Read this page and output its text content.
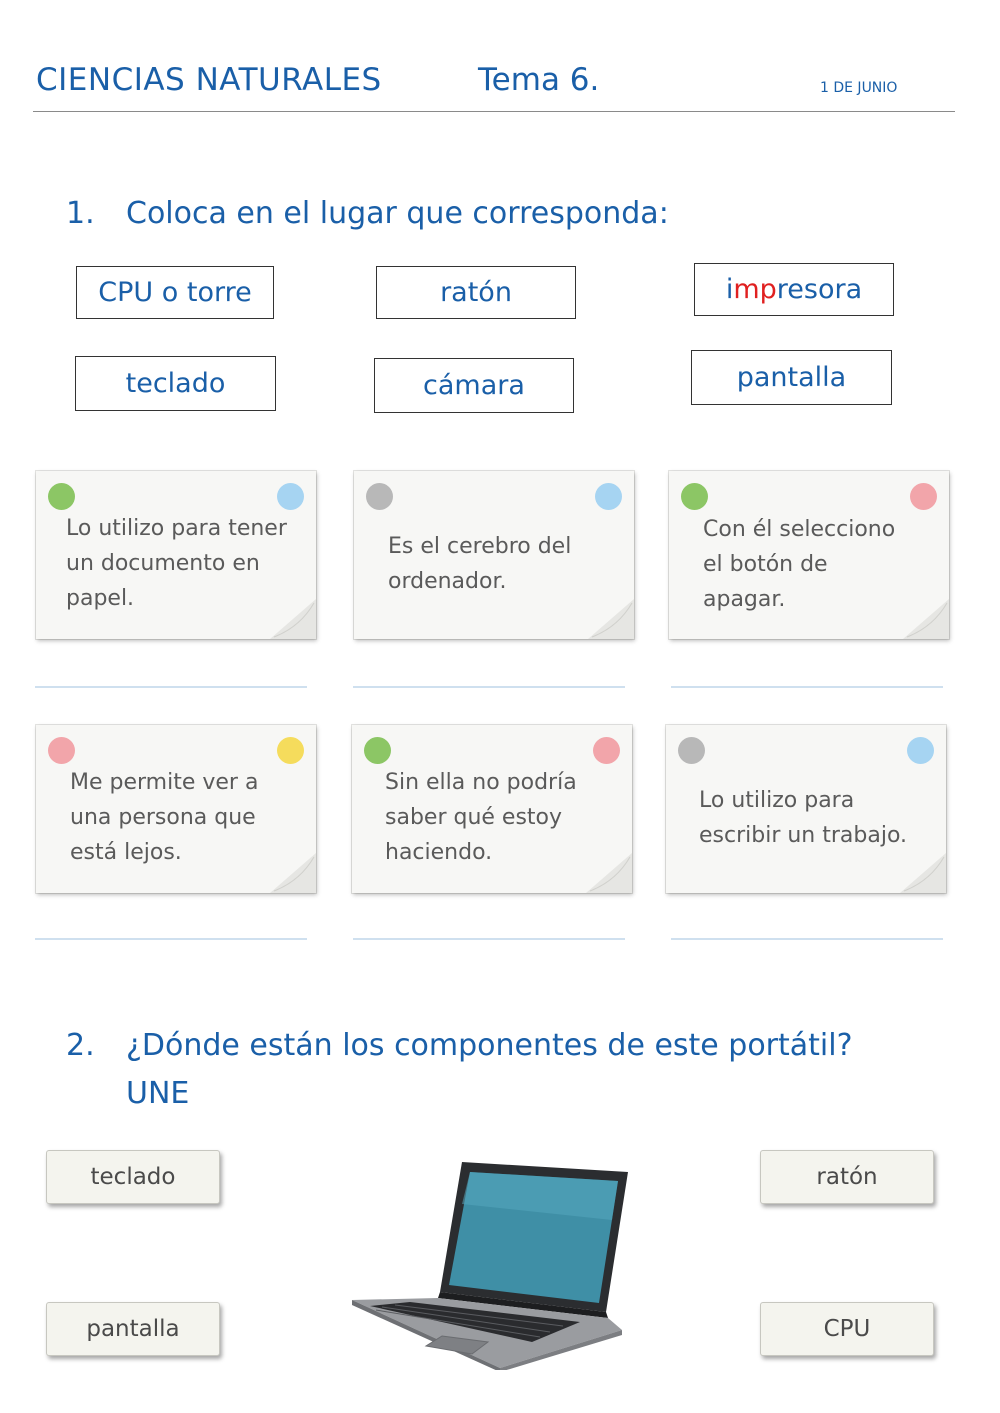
CIENCIAS NATURALES	Tema 6.	1 DE JUNIO
1. Coloca en el lugar que corresponda:
CPU o torre	ratón	impresora
teclado	cámara	pantalla
Lo utilizo para tener
un documento en
papel.
Es el cerebro del
ordenador.
Con él selecciono
el botón de
apagar.
Me permite ver a
una persona que
está lejos.
Sin ella no podría
saber qué estoy
haciendo.
Lo utilizo para
escribir un trabajo.
2. ¿Dónde están los componentes de este portátil?
UNE
teclado	ratón
pantalla	CPU
